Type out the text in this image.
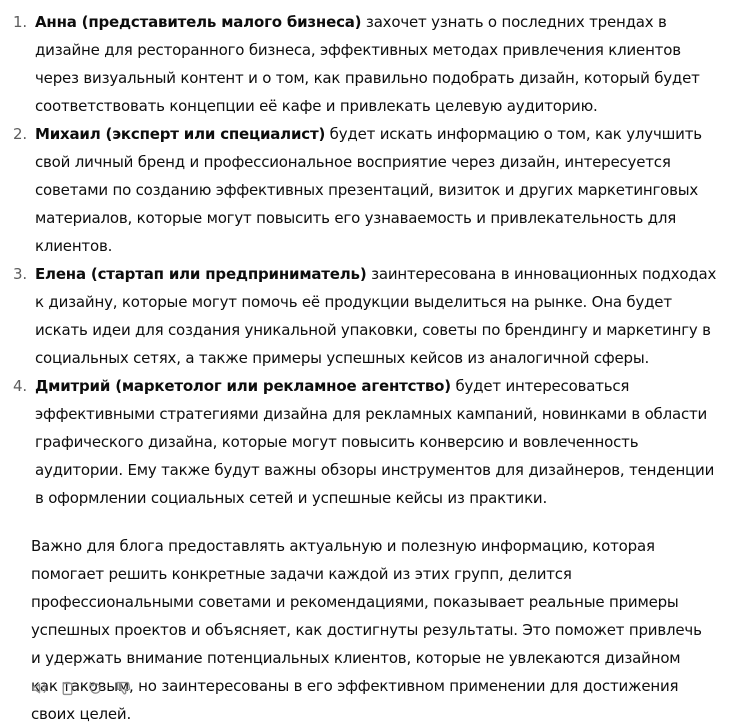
1. Анна (представитель малого бизнеса) захочет узнать о последних трендах в дизайне для ресторанного бизнеса, эффективных методах привлечения клиентов через визуальный контент и о том, как правильно подобрать дизайн, который будет соответствовать концепции её кафе и привлекать целевую аудиторию.
2. Михаил (эксперт или специалист) будет искать информацию о том, как улучшить свой личный бренд и профессиональное восприятие через дизайн, интересуется советами по созданию эффективных презентаций, визиток и других маркетинговых материалов, которые могут повысить его узнаваемость и привлекательность для клиентов.
3. Елена (стартап или предприниматель) заинтересована в инновационных подходах к дизайну, которые могут помочь её продукции выделиться на рынке. Она будет искать идеи для создания уникальной упаковки, советы по брендингу и маркетингу в социальных сетях, а также примеры успешных кейсов из аналогичной сферы.
4. Дмитрий (маркетолог или рекламное агентство) будет интересоваться эффективными стратегиями дизайна для рекламных кампаний, новинками в области графического дизайна, которые могут повысить конверсию и вовлеченность аудитории. Ему также будут важны обзоры инструментов для дизайнеров, тенденции в оформлении социальных сетей и успешные кейсы из практики.

Важно для блога предоставлять актуальную и полезную информацию, которая помогает решить конкретные задачи каждой из этих групп, делится профессиональными советами и рекомендациями, показывает реальные примеры успешных проектов и объясняет, как достигнуты результаты. Это поможет привлечь и удержать внимание потенциальных клиентов, которые не увлекаются дизайном как таковым, но заинтересованы в его эффективном применении для достижения своих целей.
